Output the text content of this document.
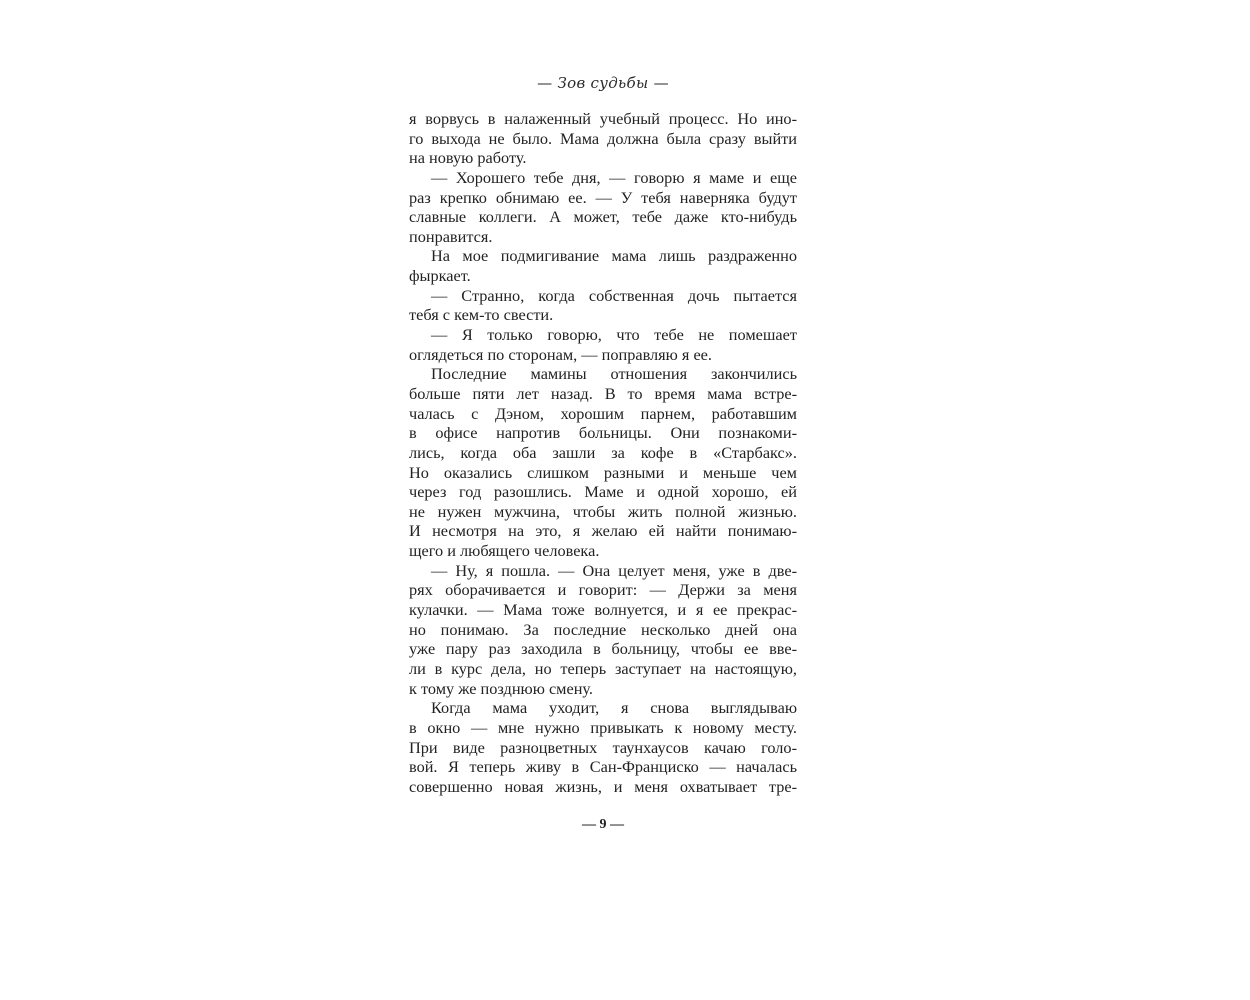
— Зов судьбы —
я ворвусь в налаженный учебный процесс. Но ино-
го выхода не было. Мама должна была сразу выйти
на новую работу.
— Хорошего тебе дня, — говорю я маме и еще
раз крепко обнимаю ее. — У тебя наверняка будут
славные коллеги. А может, тебе даже кто-нибудь
понравится.
На мое подмигивание мама лишь раздраженно
фыркает.
— Странно, когда собственная дочь пытается
тебя с кем-то свести.
— Я только говорю, что тебе не помешает
оглядеться по сторонам, — поправляю я ее.
Последние мамины отношения закончились
больше пяти лет назад. В то время мама встре-
чалась с Дэном, хорошим парнем, работавшим
в офисе напротив больницы. Они познакоми-
лись, когда оба зашли за кофе в «Старбакс».
Но оказались слишком разными и меньше чем
через год разошлись. Маме и одной хорошо, ей
не нужен мужчина, чтобы жить полной жизнью.
И несмотря на это, я желаю ей найти понимаю-
щего и любящего человека.
— Ну, я пошла. — Она целует меня, уже в две-
рях оборачивается и говорит: — Держи за меня
кулачки. — Мама тоже волнуется, и я ее прекрас-
но понимаю. За последние несколько дней она
уже пару раз заходила в больницу, чтобы ее вве-
ли в курс дела, но теперь заступает на настоящую,
к тому же позднюю смену.
Когда мама уходит, я снова выглядываю
в окно — мне нужно привыкать к новому месту.
При виде разноцветных таунхаусов качаю голо-
вой. Я теперь живу в Сан-Франциско — началась
совершенно новая жизнь, и меня охватывает тре-
— 9 —
